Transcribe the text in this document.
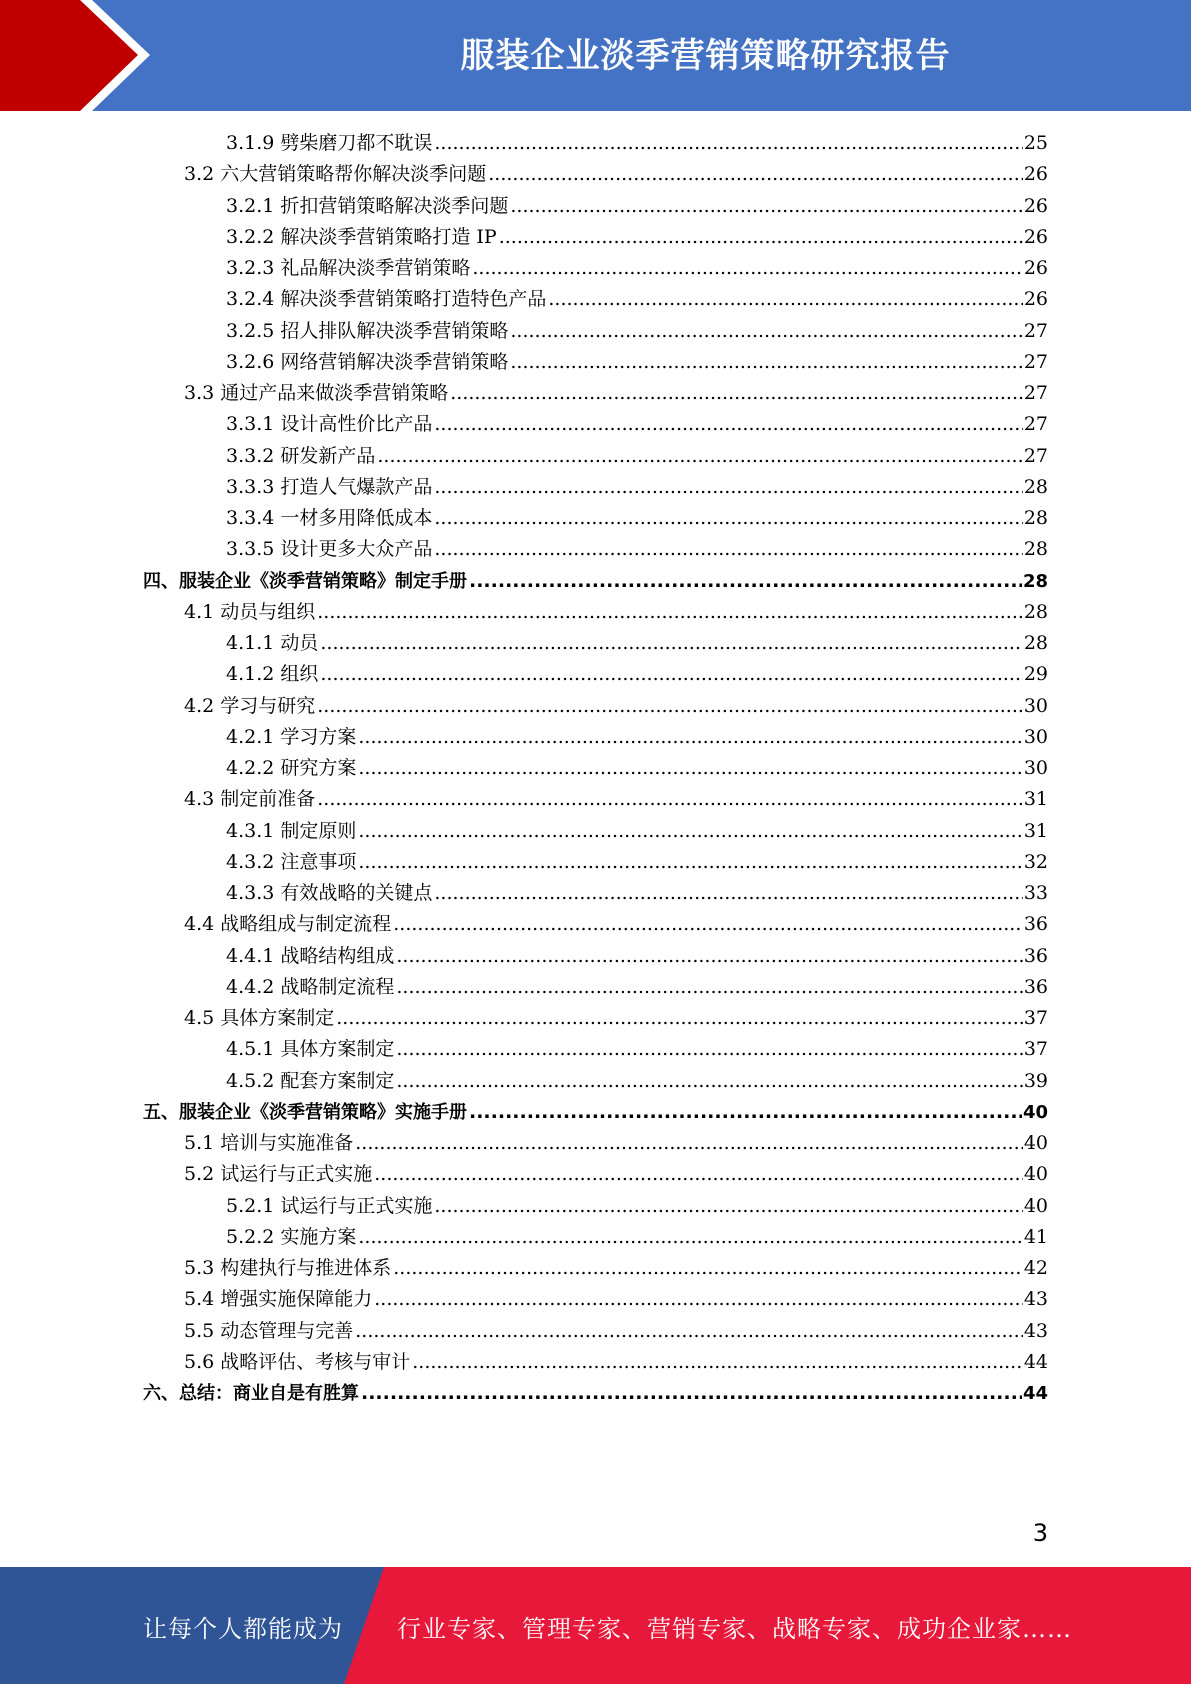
服装企业淡季营销策略研究报告
3.1.9 劈柴磨刀都不耽误 .....	25
3.2 六大营销策略帮你解决淡季问题 .....	26
3.2.1 折扣营销策略解决淡季问题 .....	26
3.2.2 解决淡季营销策略打造 IP .....	26
3.2.3 礼品解决淡季营销策略 .....	26
3.2.4 解决淡季营销策略打造特色产品 .....	26
3.2.5 招人排队解决淡季营销策略 .....	27
3.2.6 网络营销解决淡季营销策略 .....	27
3.3 通过产品来做淡季营销策略 .....	27
3.3.1 设计高性价比产品 .....	27
3.3.2 研发新产品 .....	27
3.3.3 打造人气爆款产品 .....	28
3.3.4 一材多用降低成本 .....	28
3.3.5 设计更多大众产品 .....	28
四、服装企业《淡季营销策略》制定手册 .....	28
4.1 动员与组织 .....	28
4.1.1 动员 .....	28
4.1.2 组织 .....	29
4.2 学习与研究 .....	30
4.2.1 学习方案 .....	30
4.2.2 研究方案 .....	30
4.3 制定前准备 .....	31
4.3.1 制定原则 .....	31
4.3.2 注意事项 .....	32
4.3.3 有效战略的关键点 .....	33
4.4 战略组成与制定流程 .....	36
4.4.1 战略结构组成 .....	36
4.4.2 战略制定流程 .....	36
4.5 具体方案制定 .....	37
4.5.1 具体方案制定 .....	37
4.5.2 配套方案制定 .....	39
五、服装企业《淡季营销策略》实施手册 .....	40
5.1 培训与实施准备 .....	40
5.2 试运行与正式实施 .....	40
5.2.1 试运行与正式实施 .....	40
5.2.2 实施方案 .....	41
5.3 构建执行与推进体系 .....	42
5.4 增强实施保障能力 .....	43
5.5 动态管理与完善 .....	43
5.6 战略评估、考核与审计 .....	44
六、总结：商业自是有胜算 .....	44
3
让每个人都能成为 行业专家、管理专家、营销专家、战略专家、成功企业家……
